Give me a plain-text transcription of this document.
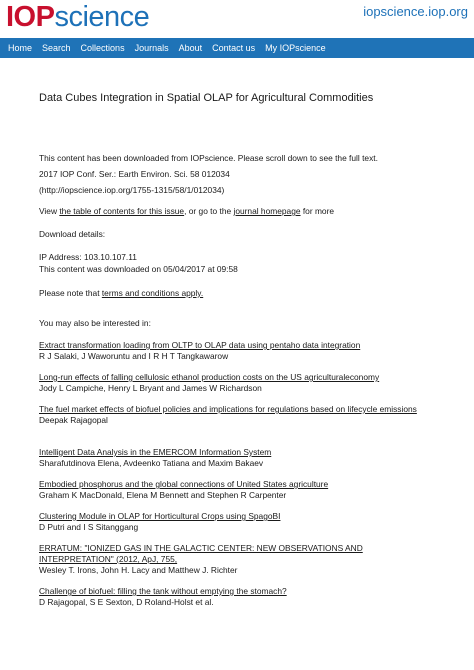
IOPscience	iopscience.iop.org
Home Search Collections Journals About Contact us My IOPscience
Data Cubes Integration in Spatial OLAP for Agricultural Commodities
This content has been downloaded from IOPscience. Please scroll down to see the full text.
2017 IOP Conf. Ser.: Earth Environ. Sci. 58 012034
(http://iopscience.iop.org/1755-1315/58/1/012034)
View the table of contents for this issue, or go to the journal homepage for more
Download details:
IP Address: 103.10.107.11
This content was downloaded on 05/04/2017 at 09:58
Please note that terms and conditions apply.
You may also be interested in:
Extract transformation loading from OLTP to OLAP data using pentaho data integration
R J Salaki, J Waworuntu and I R H T Tangkawarow
Long-run effects of falling cellulosic ethanol production costs on the US agriculturaleconomy
Jody L Campiche, Henry L Bryant and James W Richardson
The fuel market effects of biofuel policies and implications for regulations based on lifecycle emissions
Deepak Rajagopal
Intelligent Data Analysis in the EMERCOM Information System
Sharafutdinova Elena, Avdeenko Tatiana and Maxim Bakaev
Embodied phosphorus and the global connections of United States agriculture
Graham K MacDonald, Elena M Bennett and Stephen R Carpenter
Clustering Module in OLAP for Horticultural Crops using SpagoBI
D Putri and I S Sitanggang
ERRATUM: "IONIZED GAS IN THE GALACTIC CENTER: NEW OBSERVATIONS AND INTERPRETATION" (2012, ApJ, 755,
Wesley T. Irons, John H. Lacy and Matthew J. Richter
Challenge of biofuel: filling the tank without emptying the stomach?
D Rajagopal, S E Sexton, D Roland-Holst et al.
